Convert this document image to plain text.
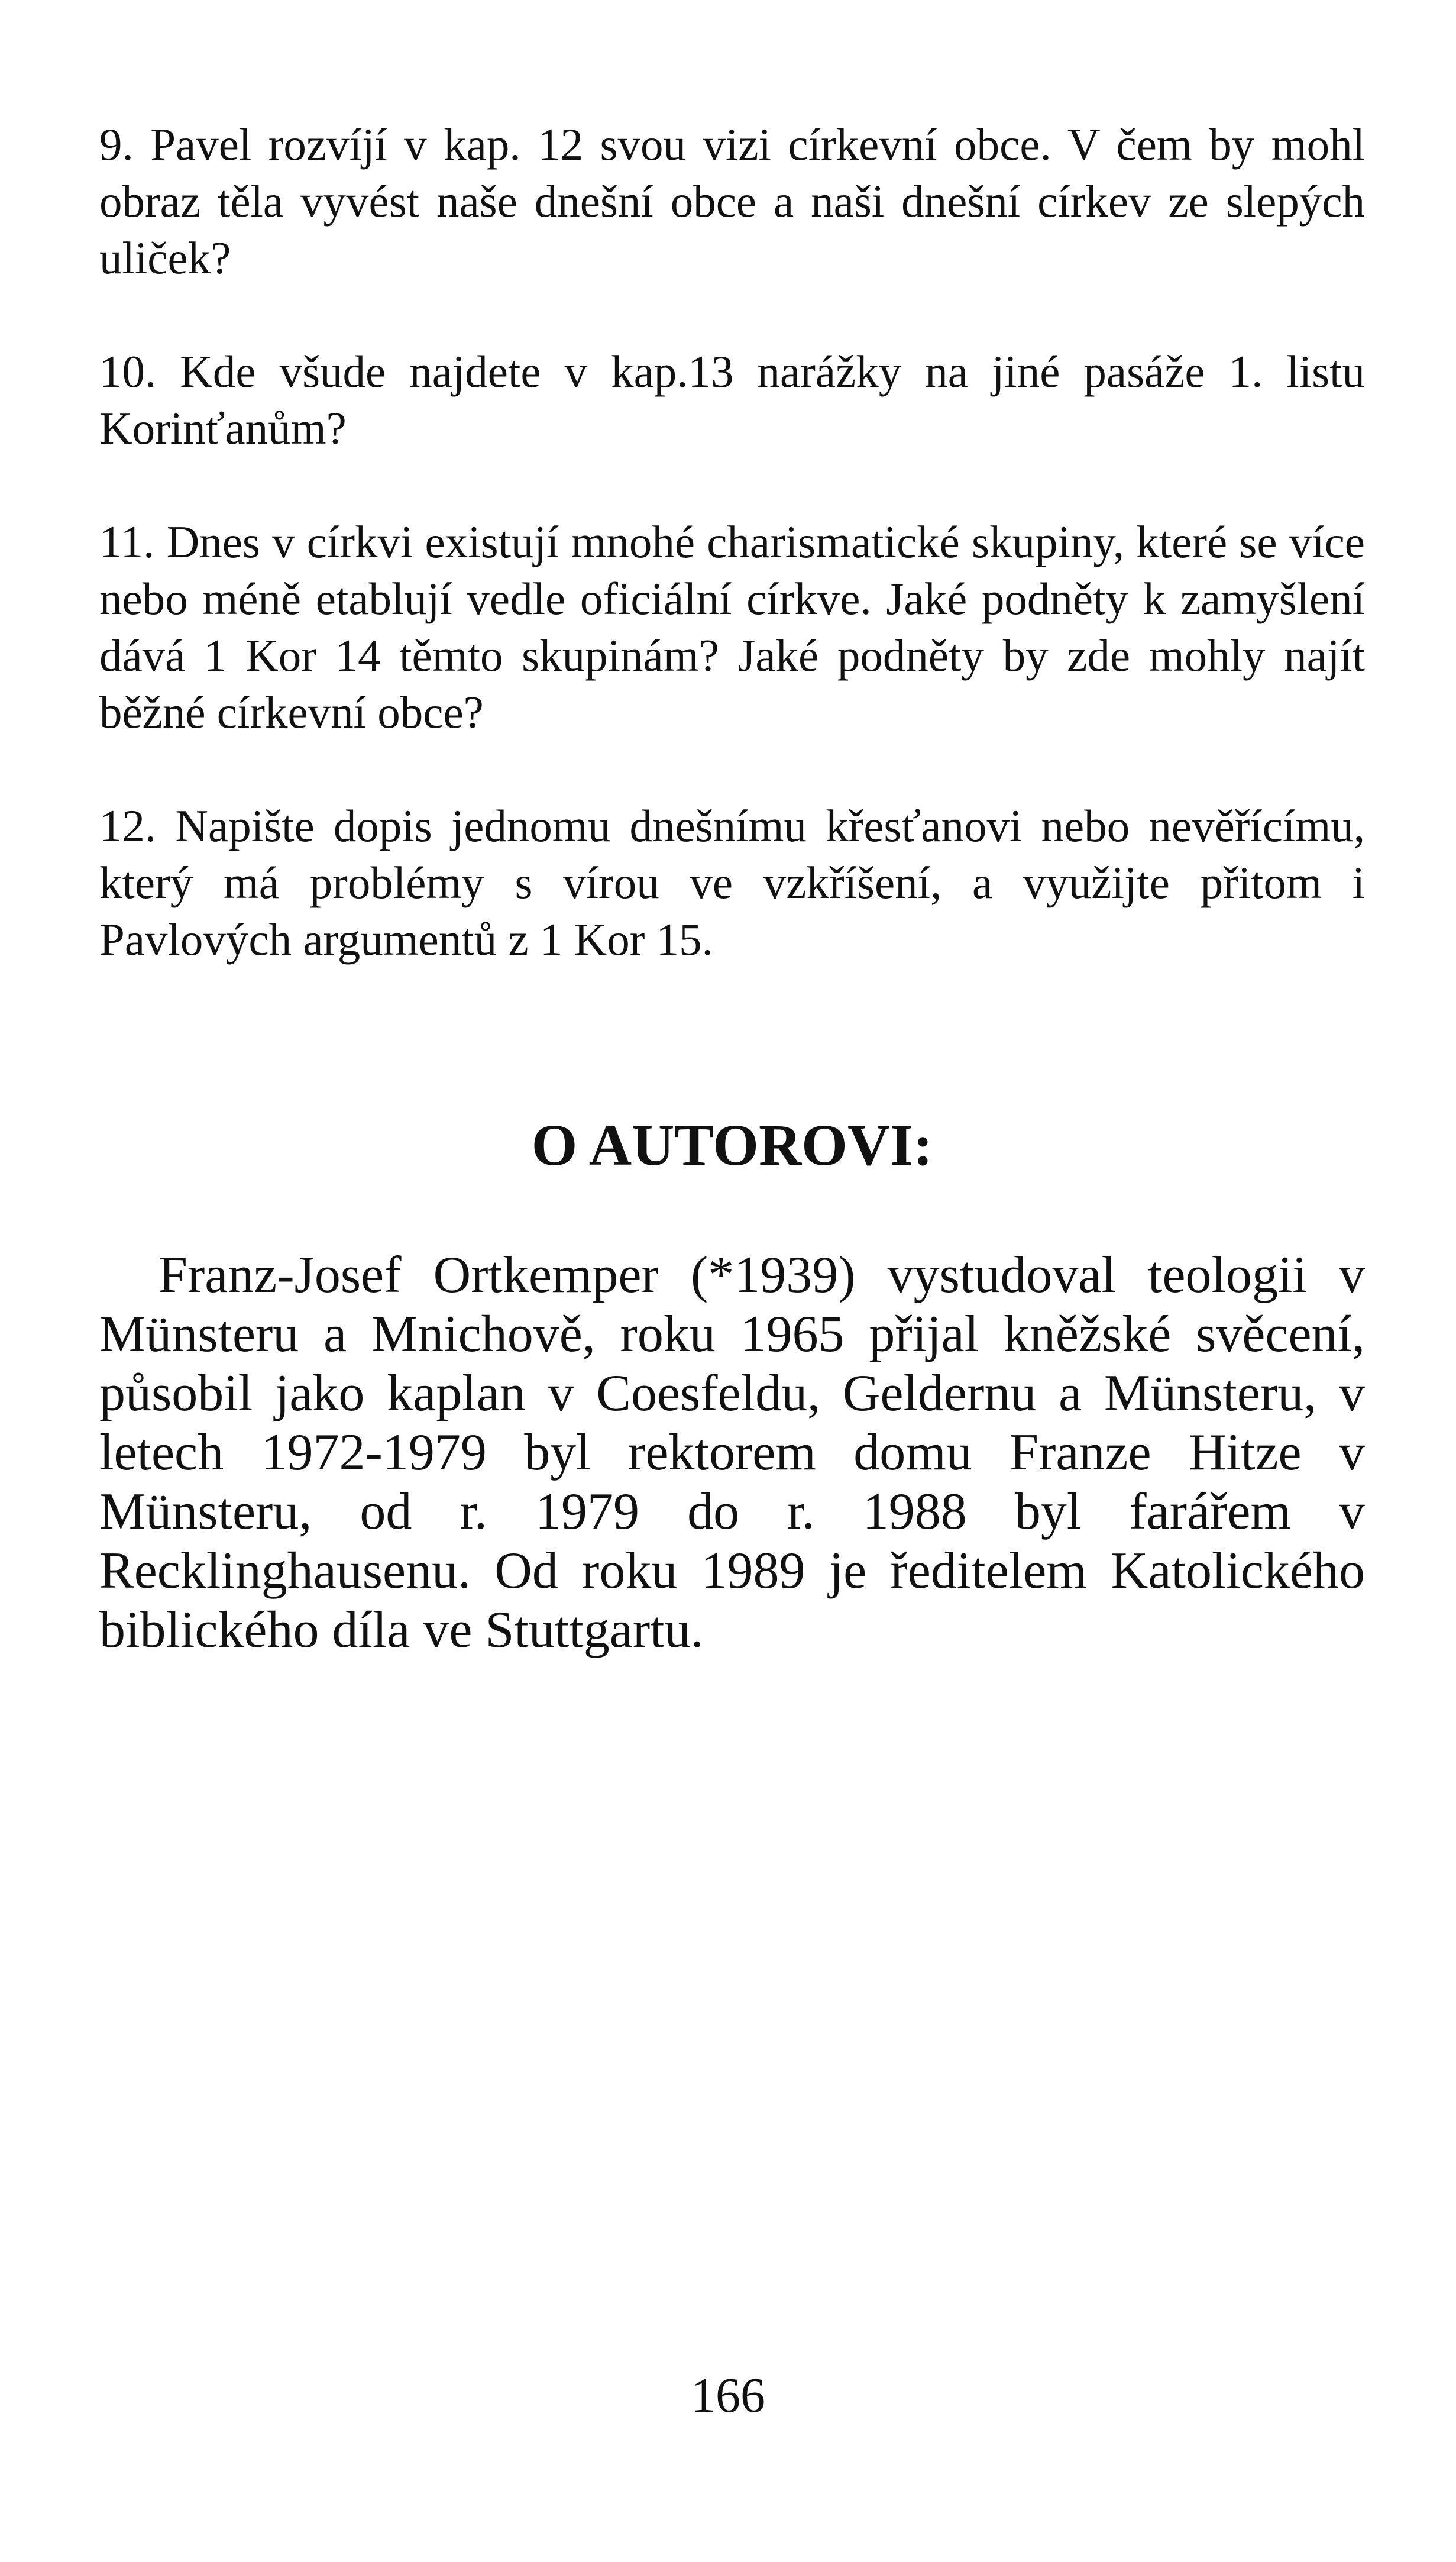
9. Pavel rozvíjí v kap. 12 svou vizi církevní obce. V čem by mohl obraz těla vyvést naše dnešní obce a naši dnešní církev ze slepých uliček?

10. Kde všude najdete v kap.13 narážky na jiné pasáže 1. listu Korinťanům?

11. Dnes v církvi existují mnohé charismatické skupiny, které se více nebo méně etablují vedle oficiální církve. Jaké podněty k zamyšlení dává 1 Kor 14 těmto skupinám? Jaké podněty by zde mohly najít běžné církevní obce?

12. Napište dopis jednomu dnešnímu křesťanovi nebo nevěřícímu, který má problémy s vírou ve vzkříšení, a využijte přitom i Pavlových argumentů z 1 Kor 15.

O AUTOROVI:

Franz-Josef Ortkemper (*1939) vystudoval teologii v Münsteru a Mnichově, roku 1965 přijal kněžské svěcení, působil jako kaplan v Coesfeldu, Geldernu a Münsteru, v letech 1972-1979 byl rektorem domu Franze Hitze v Münsteru, od r. 1979 do r. 1988 byl farářem v Recklinghausenu. Od roku 1989 je ředitelem Katolického biblického díla ve Stuttgartu.

166
